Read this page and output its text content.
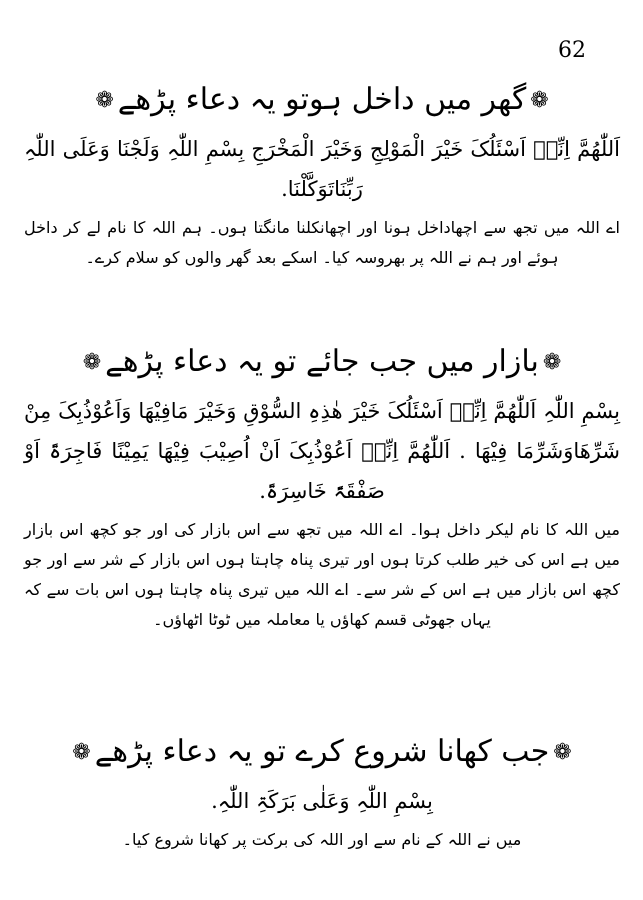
62
❁گھر میں داخل ہوتو یہ دعاء پڑھے❁

اَللّٰھُمَّ اِنِّیۤ اَسْئَلُکَ خَیْرَ الْمَوْلِجِ وَخَیْرَ الْمَخْرَجِ بِسْمِ اللّٰہِ وَلَجْنَا وَعَلَی اللّٰہِ رَبِّنَاتَوَکَّلْنَا.

اے اللہ میں تجھ سے اچھاداخل ہونا اور اچھانکلنا مانگتا ہوں۔ ہم اللہ کا نام لے کر داخل ہوئے اور ہم نے اللہ پر بھروسہ کیا۔ اسکے بعد گھر والوں کو سلام کرے۔

❁بازار میں جب جائے تو یہ دعاء پڑھے❁

بِسْمِ اللّٰہِ اَللّٰھُمَّ اِنِّیۤ اَسْئَلُکَ خَیْرَ ھٰذِہِ السُّوْقِ وَخَیْرَ مَافِیْھَا وَاَعُوْذُبِکَ مِنْ شَرِّھَاوَشَرِّمَا فِیْھَا . اَللّٰھُمَّ اِنِّیۤ اَعُوْذُبِکَ اَنْ اُصِیْبَ فِیْھَا یَمِیْنًا فَاجِرَۃً اَوْ صَفْقَۃً خَاسِرَۃً.

میں اللہ کا نام لیکر داخل ہوا۔ اے اللہ میں تجھ سے اس بازار کی اور جو کچھ اس بازار میں ہے اس کی خیر طلب کرتا ہوں اور تیری پناہ چاہتا ہوں اس بازار کے شر سے اور جو کچھ اس بازار میں ہے اس کے شر سے۔ اے اللہ میں تیری پناہ چاہتا ہوں اس بات سے کہ یہاں جھوٹی قسم کھاؤں یا معاملہ میں ٹوٹا اٹھاؤں۔

❁جب کھانا شروع کرے تو یہ دعاء پڑھے❁

بِسْمِ اللّٰہِ وَعَلٰی بَرَکَۃِ اللّٰہِ.

میں نے اللہ کے نام سے اور اللہ کی برکت پر کھانا شروع کیا۔
